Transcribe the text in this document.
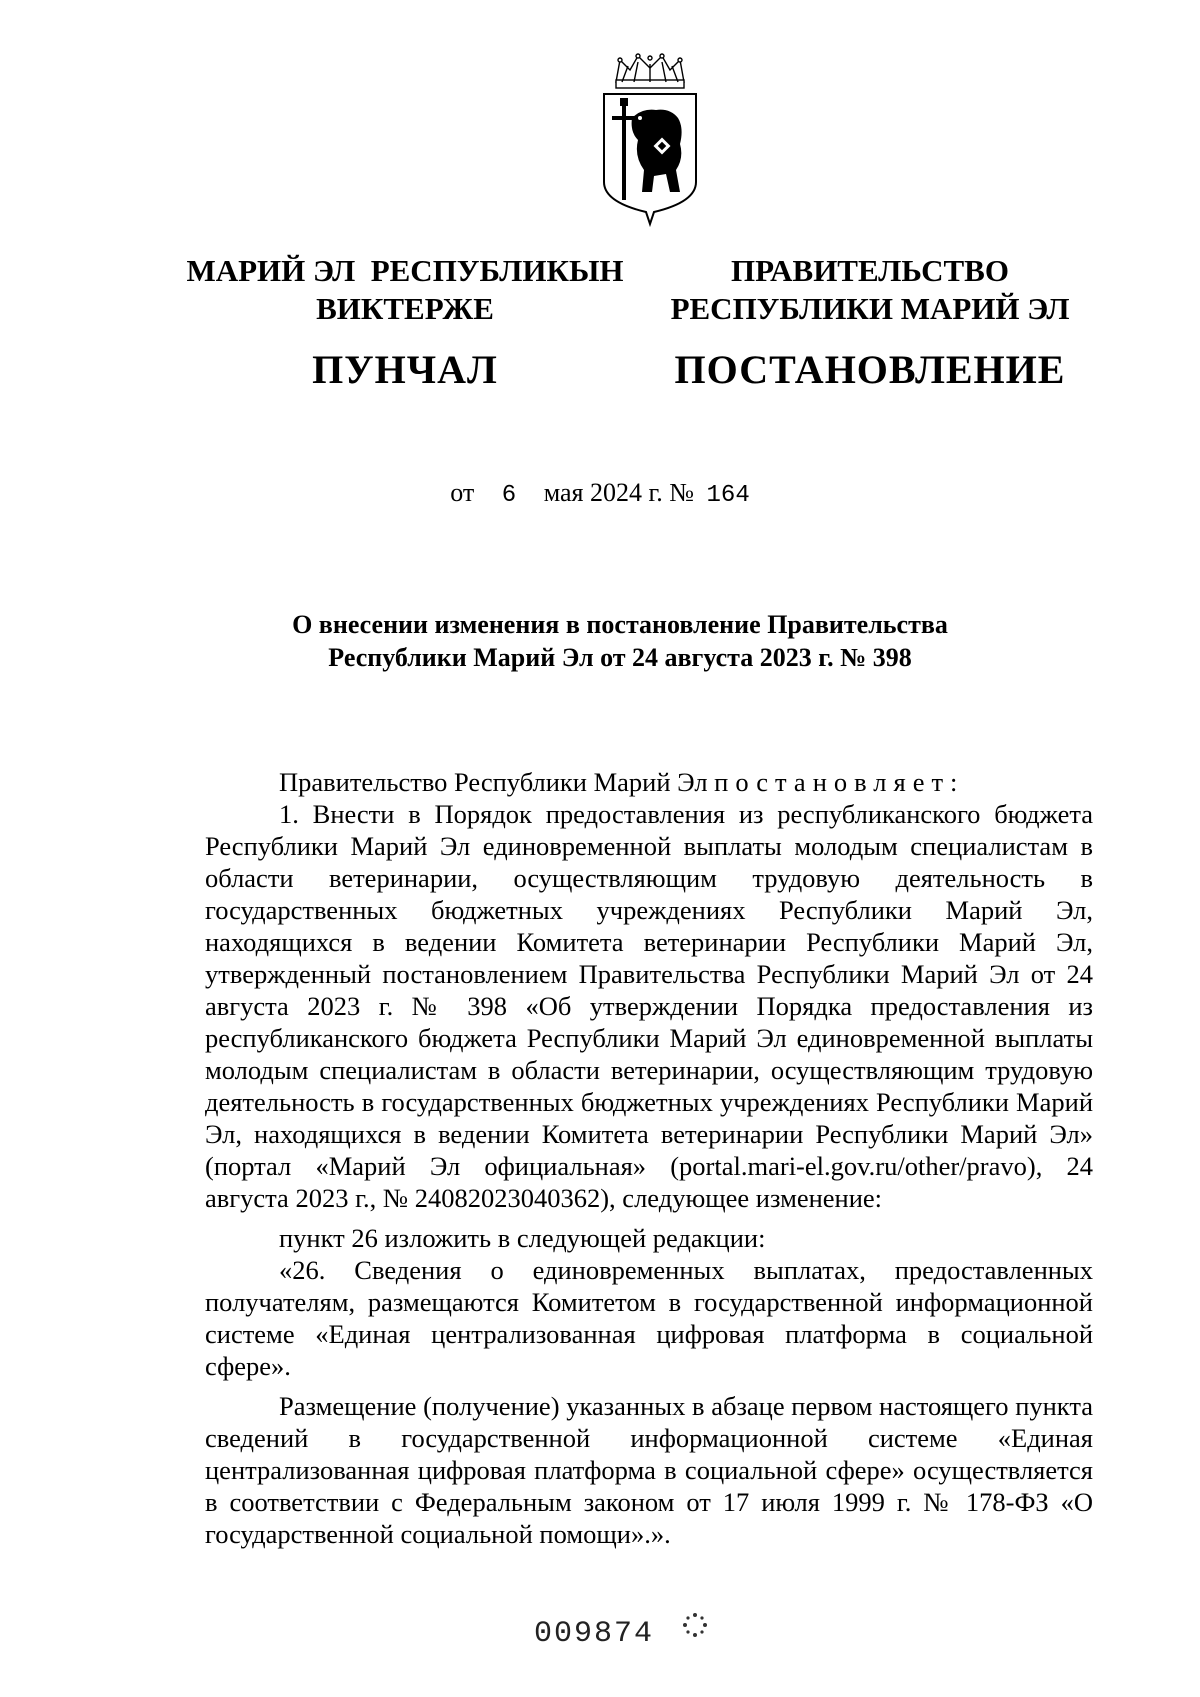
МАРИЙ ЭЛ  РЕСПУБЛИКЫН
ВИКТЕРЖЕ
ПУНЧАЛ
ПРАВИТЕЛЬСТВО
РЕСПУБЛИКИ МАРИЙ ЭЛ
ПОСТАНОВЛЕНИЕ
от 6 мая 2024 г. № 164
О внесении изменения в постановление Правительства
Республики Марий Эл от 24 августа 2023 г. № 398

Правительство Республики Марий Эл постановляет:

1. Внести в Порядок предоставления из республиканского бюджета Республики Марий Эл единовременной выплаты молодым специалистам в области ветеринарии, осуществляющим трудовую деятельность в государственных бюджетных учреждениях Республики Марий Эл, находящихся в ведении Комитета ветеринарии Республики Марий Эл, утвержденный постановлением Правительства Республики Марий Эл от 24 августа 2023 г. № 398 «Об утверждении Порядка предоставления из республиканского бюджета Республики Марий Эл единовременной выплаты молодым специалистам в области ветеринарии, осуществляющим трудовую деятельность в государственных бюджетных учреждениях Республики Марий Эл, находящихся в ведении Комитета ветеринарии Республики Марий Эл» (портал «Марий Эл официальная» (portal.mari-el.gov.ru/other/pravo), 24 августа 2023 г., № 24082023040362), следующее изменение:

пункт 26 изложить в следующей редакции:

«26. Сведения о единовременных выплатах, предоставленных получателям, размещаются Комитетом в государственной информационной системе «Единая централизованная цифровая платформа в социальной сфере».

Размещение (получение) указанных в абзаце первом настоящего пункта сведений в государственной информационной системе «Единая централизованная цифровая платформа в социальной сфере» осуществляется в соответствии с Федеральным законом от 17 июля 1999 г. № 178-ФЗ «О государственной социальной помощи».».

009874
